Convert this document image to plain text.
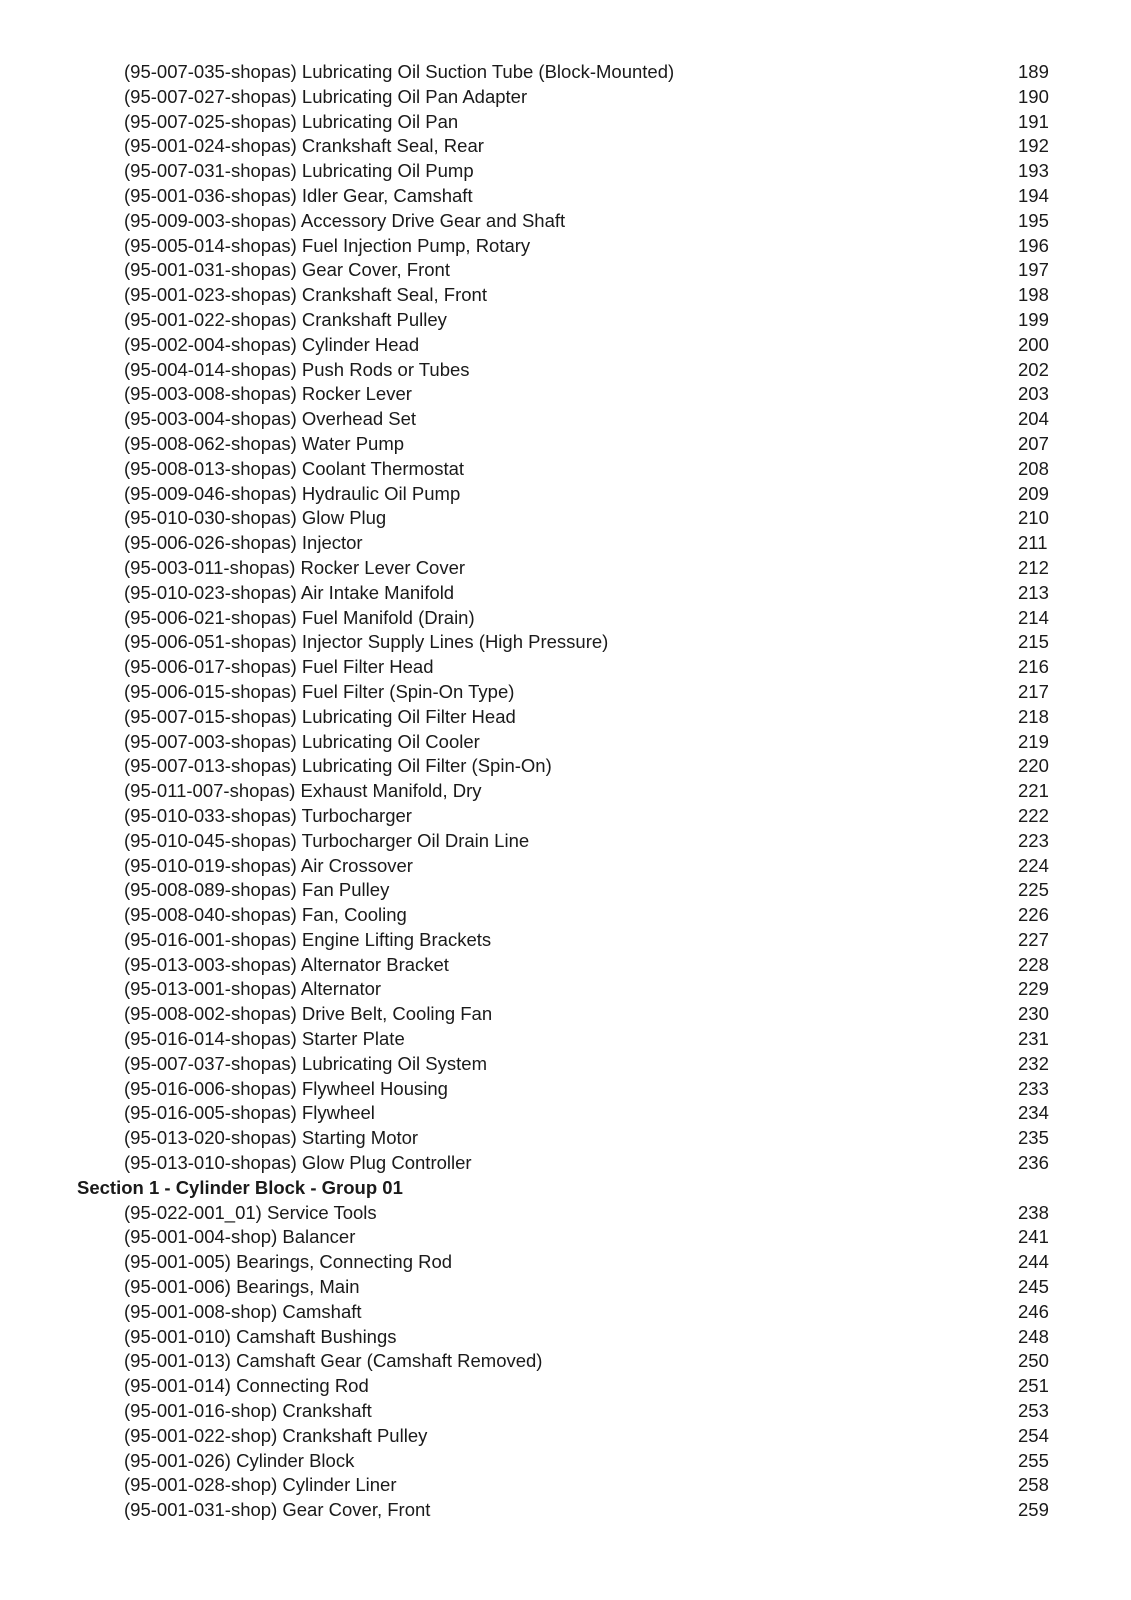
(95-007-035-shopas) Lubricating Oil Suction Tube (Block-Mounted)	189
(95-007-027-shopas) Lubricating Oil Pan Adapter	190
(95-007-025-shopas) Lubricating Oil Pan	191
(95-001-024-shopas) Crankshaft Seal, Rear	192
(95-007-031-shopas) Lubricating Oil Pump	193
(95-001-036-shopas) Idler Gear, Camshaft	194
(95-009-003-shopas) Accessory Drive Gear and Shaft	195
(95-005-014-shopas) Fuel Injection Pump, Rotary	196
(95-001-031-shopas) Gear Cover, Front	197
(95-001-023-shopas) Crankshaft Seal, Front	198
(95-001-022-shopas) Crankshaft Pulley	199
(95-002-004-shopas) Cylinder Head	200
(95-004-014-shopas) Push Rods or Tubes	202
(95-003-008-shopas) Rocker Lever	203
(95-003-004-shopas) Overhead Set	204
(95-008-062-shopas) Water Pump	207
(95-008-013-shopas) Coolant Thermostat	208
(95-009-046-shopas) Hydraulic Oil Pump	209
(95-010-030-shopas) Glow Plug	210
(95-006-026-shopas) Injector	211
(95-003-011-shopas) Rocker Lever Cover	212
(95-010-023-shopas) Air Intake Manifold	213
(95-006-021-shopas) Fuel Manifold (Drain)	214
(95-006-051-shopas) Injector Supply Lines (High Pressure)	215
(95-006-017-shopas) Fuel Filter Head	216
(95-006-015-shopas) Fuel Filter (Spin-On Type)	217
(95-007-015-shopas) Lubricating Oil Filter Head	218
(95-007-003-shopas) Lubricating Oil Cooler	219
(95-007-013-shopas) Lubricating Oil Filter (Spin-On)	220
(95-011-007-shopas) Exhaust Manifold, Dry	221
(95-010-033-shopas) Turbocharger	222
(95-010-045-shopas) Turbocharger Oil Drain Line	223
(95-010-019-shopas) Air Crossover	224
(95-008-089-shopas) Fan Pulley	225
(95-008-040-shopas) Fan, Cooling	226
(95-016-001-shopas) Engine Lifting Brackets	227
(95-013-003-shopas) Alternator Bracket	228
(95-013-001-shopas) Alternator	229
(95-008-002-shopas) Drive Belt, Cooling Fan	230
(95-016-014-shopas) Starter Plate	231
(95-007-037-shopas) Lubricating Oil System	232
(95-016-006-shopas) Flywheel Housing	233
(95-016-005-shopas) Flywheel	234
(95-013-020-shopas) Starting Motor	235
(95-013-010-shopas) Glow Plug Controller	236
Section 1 - Cylinder Block - Group 01
(95-022-001_01) Service Tools	238
(95-001-004-shop) Balancer	241
(95-001-005) Bearings, Connecting Rod	244
(95-001-006) Bearings, Main	245
(95-001-008-shop) Camshaft	246
(95-001-010) Camshaft Bushings	248
(95-001-013) Camshaft Gear (Camshaft Removed)	250
(95-001-014) Connecting Rod	251
(95-001-016-shop) Crankshaft	253
(95-001-022-shop) Crankshaft Pulley	254
(95-001-026) Cylinder Block	255
(95-001-028-shop) Cylinder Liner	258
(95-001-031-shop) Gear Cover, Front	259
